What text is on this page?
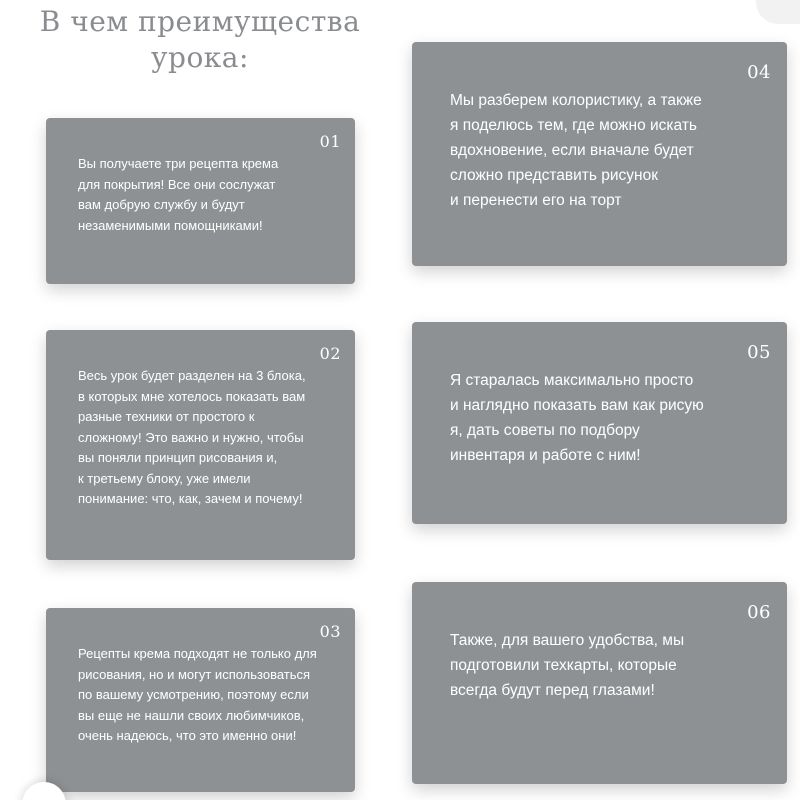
В чем преимущества
урока:
01
Вы получаете три рецепта крема
для покрытия! Все они сослужат
вам добрую службу и будут
незаменимыми помощниками!
02
Весь урок будет разделен на 3 блока,
в которых мне хотелось показать вам
разные техники от простого к
сложному! Это важно и нужно, чтобы
вы поняли принцип рисования и,
к третьему блоку, уже имели
понимание: что, как, зачем и почему!
03
Рецепты крема подходят не только для
рисования, но и могут использоваться
по вашему усмотрению, поэтому если
вы еще не нашли своих любимчиков,
очень надеюсь, что это именно они!
04
Мы разберем колористику, а также
я поделюсь тем, где можно искать
вдохновение, если вначале будет
сложно представить рисунок
и перенести его на торт
05
Я старалась максимально просто
и наглядно показать вам как рисую
я, дать советы по подбору
инвентаря и работе с ним!
06
Также, для вашего удобства, мы
подготовили техкарты, которые
всегда будут перед глазами!
